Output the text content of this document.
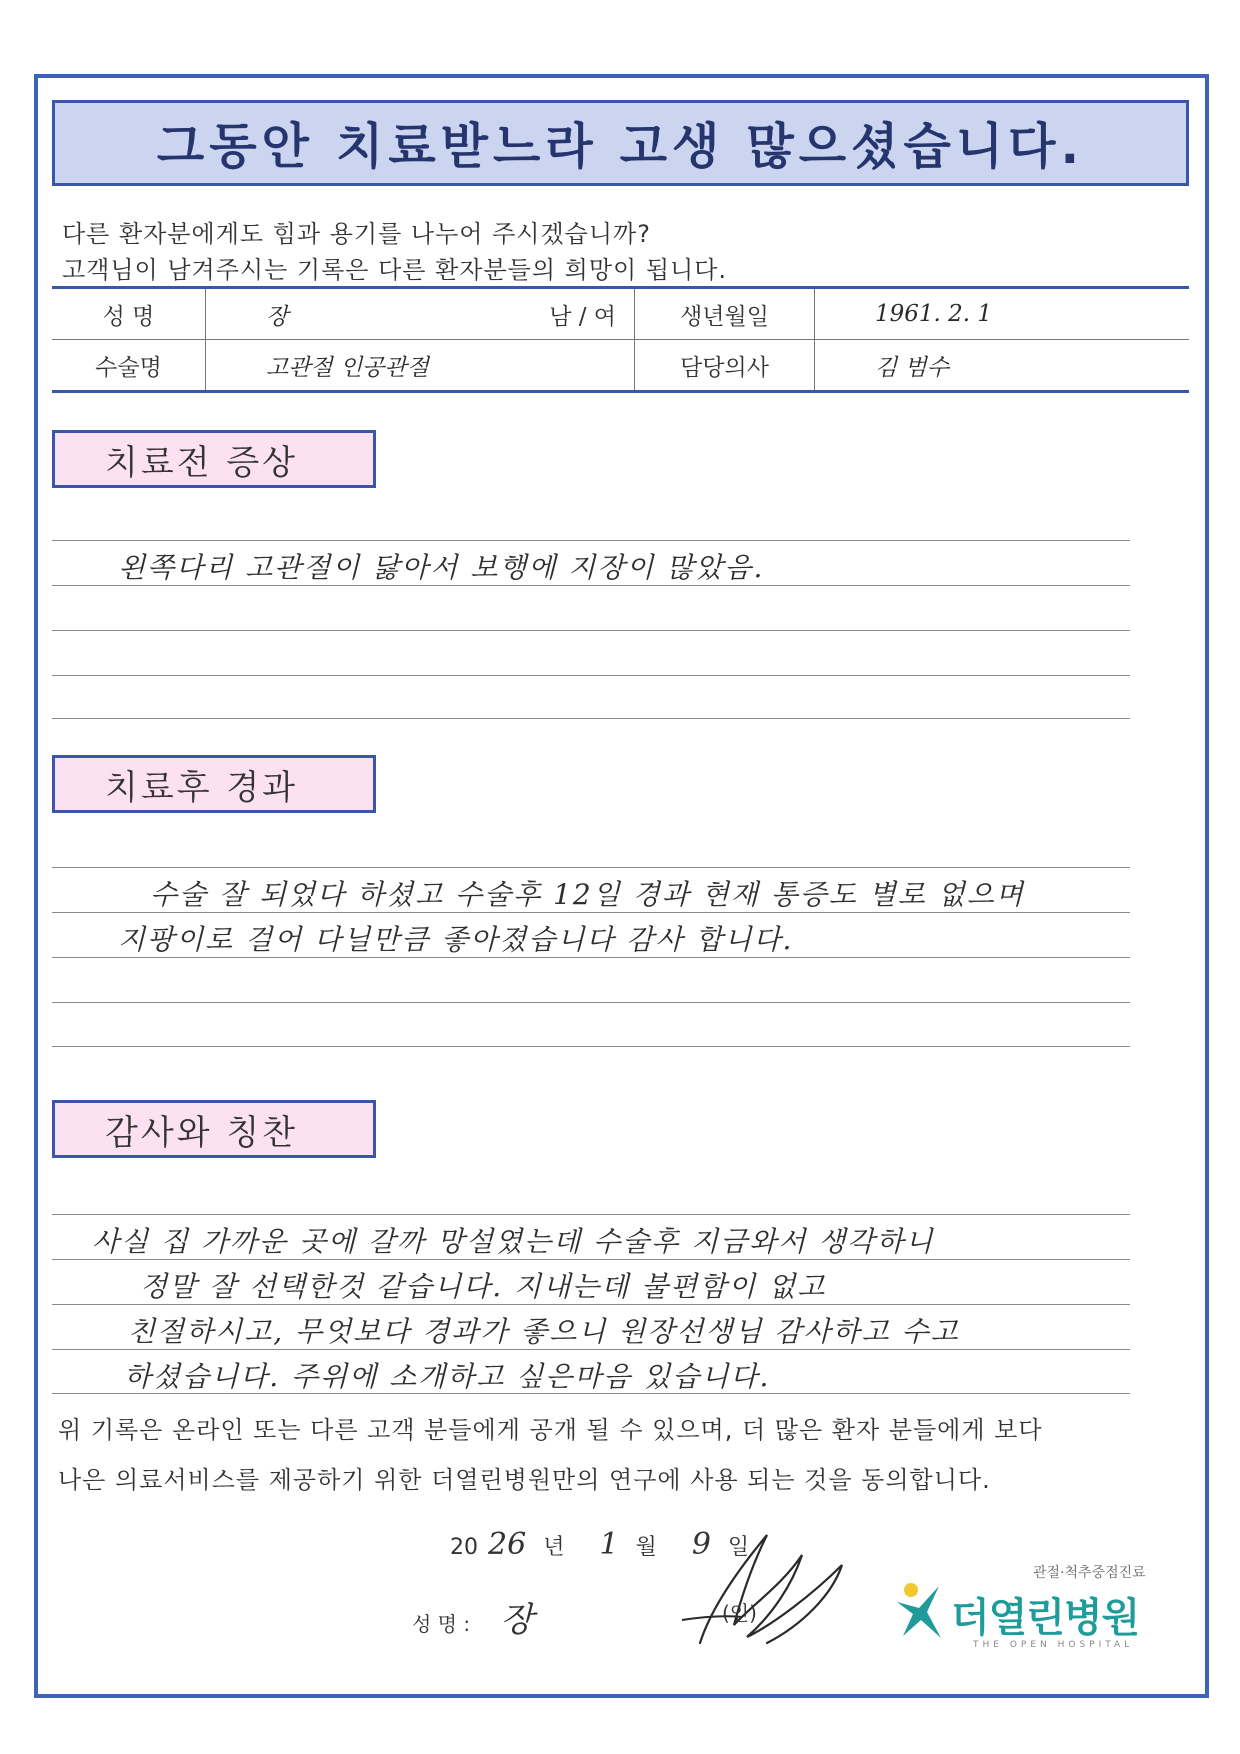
그동안 치료받느라 고생 많으셨습니다.
다른 환자분에게도 힘과 용기를 나누어 주시겠습니까?
고객님이 남겨주시는 기록은 다른 환자분들의 희망이 됩니다.
성 명	장 남 / 여	생년월일	1961. 2. 1
수술명	고관절 인공관절	담당의사	김 범수
치료전 증상
왼쪽다리 고관절이 닳아서 보행에 지장이 많았음.
치료후 경과
수술 잘 되었다 하셨고 수술후 12일 경과 현재 통증도 별로 없으며
지팡이로 걸어 다닐만큼 좋아졌습니다 감사 합니다.
감사와 칭찬
사실 집 가까운 곳에 갈까 망설였는데 수술후 지금와서 생각하니
정말 잘 선택한것 같습니다. 지내는데 불편함이 없고
친절하시고, 무엇보다 경과가 좋으니 원장선생님 감사하고 수고
하셨습니다. 주위에 소개하고 싶은마음 있습니다.
위 기록은 온라인 또는 다른 고객 분들에게 공개 될 수 있으며, 더 많은 환자 분들에게 보다
나은 의료서비스를 제공하기 위한 더열린병원만의 연구에 사용 되는 것을 동의합니다.
20 26 년 1 월 9 일
성 명 : 장	(인)
관절·척추중점진료
더열린병원
THE OPEN HOSPITAL
